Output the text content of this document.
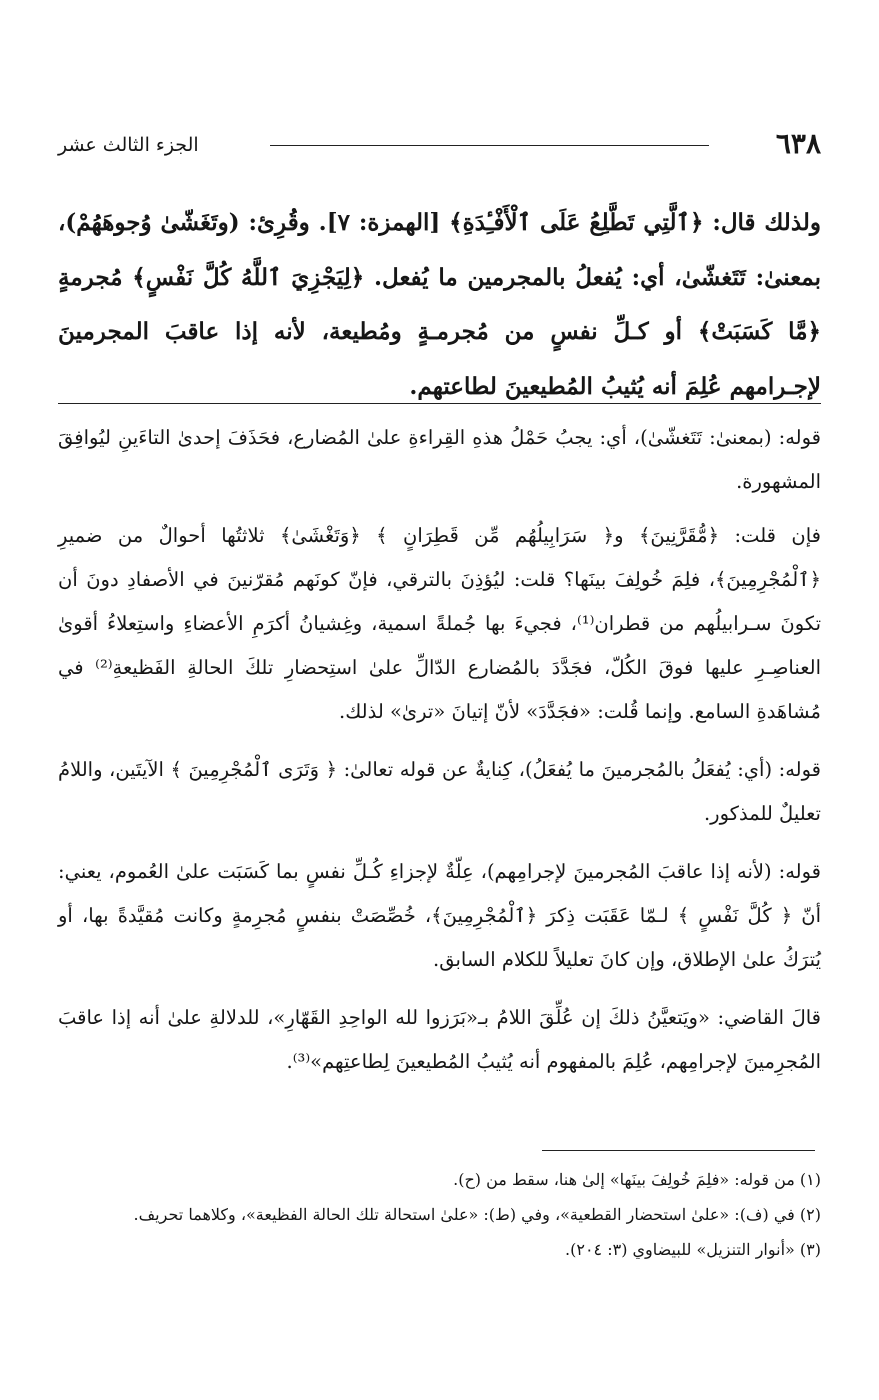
٦٣٨
الجزء الثالث عشر
ولذلك قال: ﴿ٱلَّتِي تَطَّلِعُ عَلَى ٱلْأَفْـِٔدَةِ﴾ [الهمزة: ٧]. وقُرِئ: (وتَغَشّىٰ وُجوهَهُمْ)، بمعنىٰ: تَتَغشّىٰ، أي: يُفعلُ بالمجرمين ما يُفعل. ﴿لِيَجْزِيَ ٱللَّهُ كُلَّ نَفْسٍ﴾ مُجرمةٍ ﴿مَّا كَسَبَتْ﴾ أو كـلِّ نفسٍ من مُجرمـةٍ ومُطيعة، لأنه إذا عاقبَ المجرمينَ لإجـرامهم عُلِمَ أنه يُثيبُ المُطيعينَ لطاعتهم.

قوله: (بمعنىٰ: تَتَغشّىٰ)، أي: يجبُ حَمْلُ هذهِ القِراءةِ علىٰ المُضارع، فحَذَفَ إحدىٰ التاءَينِ ليُوافِقَ المشهورة.

فإن قلت: ﴿مُّقَرَّنِينَ﴾ و﴿ سَرَابِيلُهُم مِّن قَطِرَانٍ ﴾ ﴿وَتَغْشَىٰ﴾ ثلاثتُها أحوالٌ من ضميرِ ﴿ٱلْمُجْرِمِينَ﴾، فلِمَ خُولِفَ بينَها؟ قلت: ليُؤذِنَ بالترقي، فإنّ كونَهم مُقرّنينَ في الأصفادِ دونَ أن تكونَ سـرابيلُهم من قطران⁽¹⁾، فجيءَ بها جُملةً اسمية، وغِشيانُ أكرَمِ الأعضاءِ واستِعلاءُ أقوىٰ العناصِـرِ عليها فوقَ الكُلّ، فجَدَّدَ بالمُضارع الدّالِّ علىٰ استِحضارِ تلكَ الحالةِ الفَظيعةِ⁽²⁾ في مُشاهَدةِ السامع. وإنما قُلت: «فجَدَّدَ» لأنّ إتيانَ «ترىٰ» لذلك.

قوله: (أي: يُفعَلُ بالمُجرمينَ ما يُفعَلُ)، كِنايةٌ عن قوله تعالىٰ: ﴿ وَتَرَى ٱلْمُجْرِمِينَ ﴾ الآيتَين، واللامُ تعليلٌ للمذكور.

قوله: (لأنه إذا عاقبَ المُجرمينَ لإجرامِهم)، عِلّةٌ لإجزاءِ كُـلِّ نفسٍ بما كَسَبَت علىٰ العُموم، يعني: أنّ ﴿ كُلَّ نَفْسٍ ﴾ لـمّا عَقَبَت ذِكرَ ﴿ٱلْمُجْرِمِينَ﴾، خُصِّصَتْ بنفسٍ مُجرِمةٍ وكانت مُقيَّدةً بها، أو يُترَكُ علىٰ الإطلاق، وإن كانَ تعليلاً للكلام السابق.

قالَ القاضي: «ويَتعيَّنُ ذلكَ إن عُلِّقَ اللامُ بـ«بَرَزوا لله الواحِدِ القَهّارِ»، للدلالةِ علىٰ أنه إذا عاقبَ المُجرِمينَ لإجرامِهم، عُلِمَ بالمفهوم أنه يُثيبُ المُطيعينَ لِطاعتِهم»⁽³⁾.

(١) من قوله: «فلِمَ خُولِفَ بينَها» إلىٰ هنا، سقط من (ح).

(٢) في (ف): «علىٰ استحضار القطعية»، وفي (ط): «علىٰ استحالة تلك الحالة الفظيعة»، وكلاهما تحريف.

(٣) «أنوار التنزيل» للبيضاوي (٣: ٢٠٤).
